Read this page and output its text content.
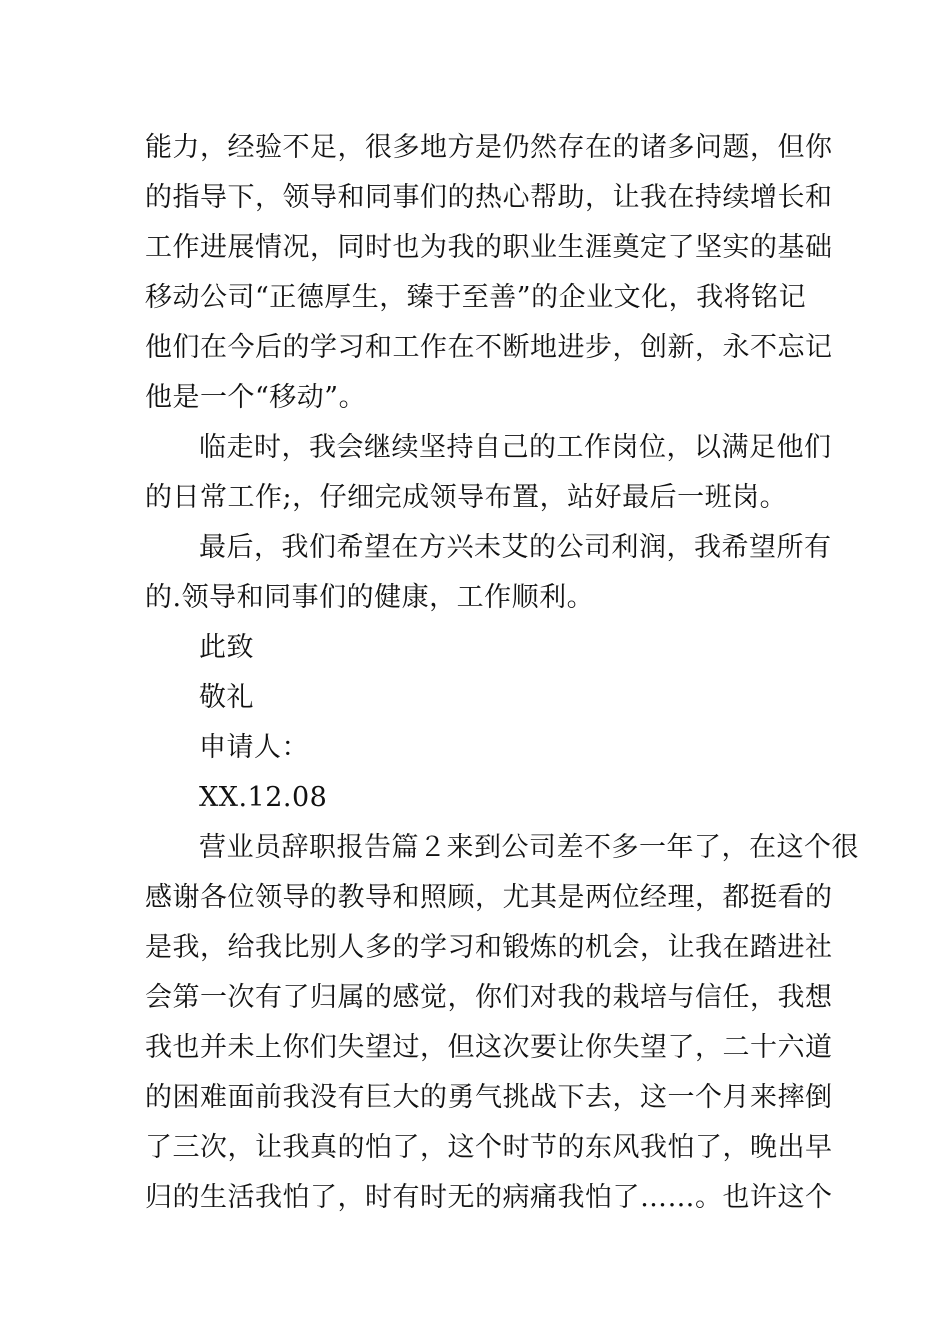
能力，经验不足，很多地方是仍然存在的诸多问题，但你
的指导下，领导和同事们的热心帮助，让我在持续增长和
工作进展情况，同时也为我的职业生涯奠定了坚实的基础
移动公司“正德厚生，臻于至善”的企业文化，我将铭记
他们在今后的学习和工作在不断地进步，创新，永不忘记
他是一个“移动”。
临走时，我会继续坚持自己的工作岗位，以满足他们
的日常工作;，仔细完成领导布置，站好最后一班岗。
最后，我们希望在方兴未艾的公司利润，我希望所有
的.领导和同事们的健康，工作顺利。
此致
敬礼
申请人：
XX.12.08
营业员辞职报告篇２来到公司差不多一年了，在这个很
感谢各位领导的教导和照顾，尤其是两位经理，都挺看的
是我，给我比别人多的学习和锻炼的机会，让我在踏进社
会第一次有了归属的感觉，你们对我的栽培与信任，我想
我也并未上你们失望过，但这次要让你失望了，二十六道
的困难面前我没有巨大的勇气挑战下去，这一个月来摔倒
了三次，让我真的怕了，这个时节的东风我怕了，晚出早
归的生活我怕了，时有时无的病痛我怕了……。也许这个
